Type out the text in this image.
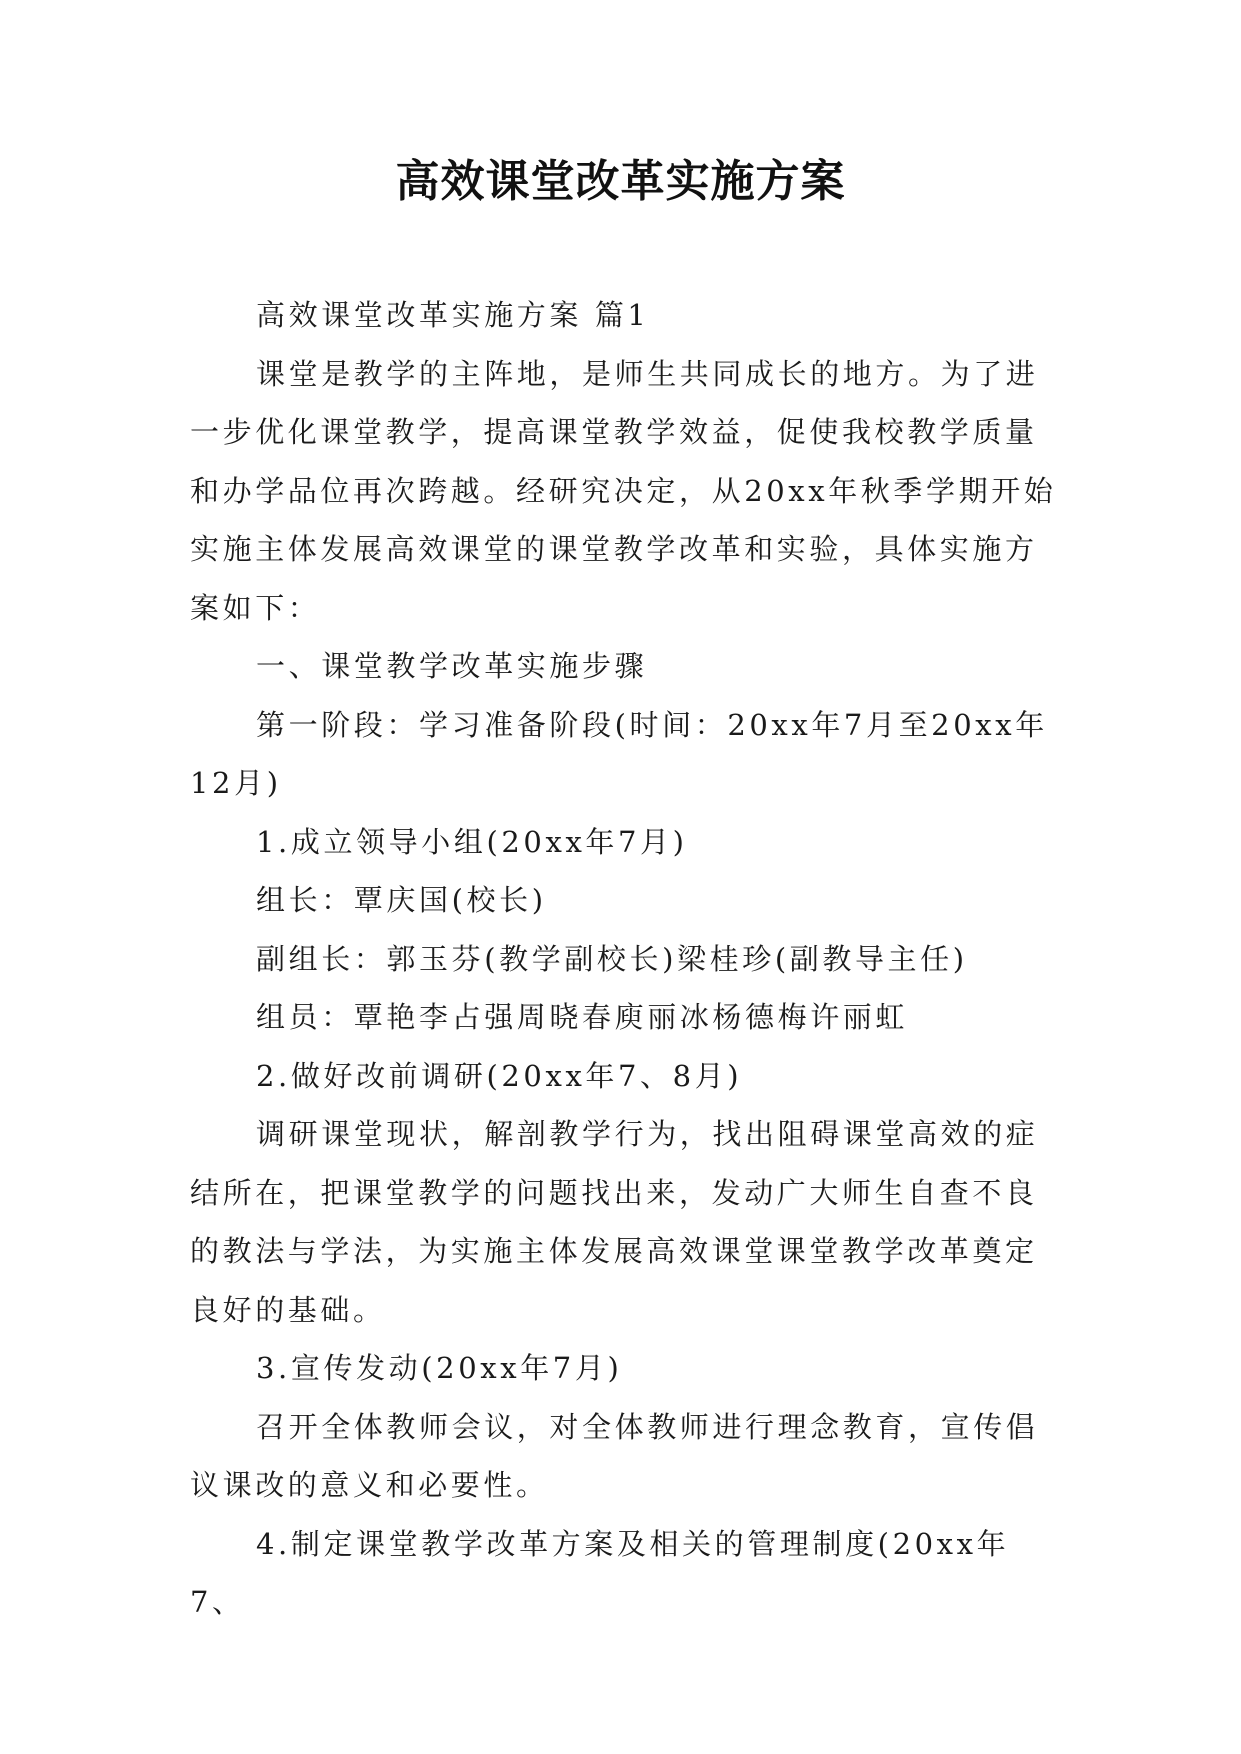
高效课堂改革实施方案

高效课堂改革实施方案 篇1

课堂是教学的主阵地，是师生共同成长的地方。为了进一步优化课堂教学，提高课堂教学效益，促使我校教学质量和办学品位再次跨越。经研究决定，从20xx年秋季学期开始实施主体发展高效课堂的课堂教学改革和实验，具体实施方案如下：

一、课堂教学改革实施步骤

第一阶段：学习准备阶段(时间：20xx年7月至20xx年12月)

1.成立领导小组(20xx年7月)

组长：覃庆国(校长)

副组长：郭玉芬(教学副校长)梁桂珍(副教导主任)

组员：覃艳李占强周晓春庾丽冰杨德梅许丽虹

2.做好改前调研(20xx年7、8月)

调研课堂现状，解剖教学行为，找出阻碍课堂高效的症结所在，把课堂教学的问题找出来，发动广大师生自查不良的教法与学法，为实施主体发展高效课堂课堂教学改革奠定良好的基础。

3.宣传发动(20xx年7月)

召开全体教师会议，对全体教师进行理念教育，宣传倡议课改的意义和必要性。

4.制定课堂教学改革方案及相关的管理制度(20xx年7、
